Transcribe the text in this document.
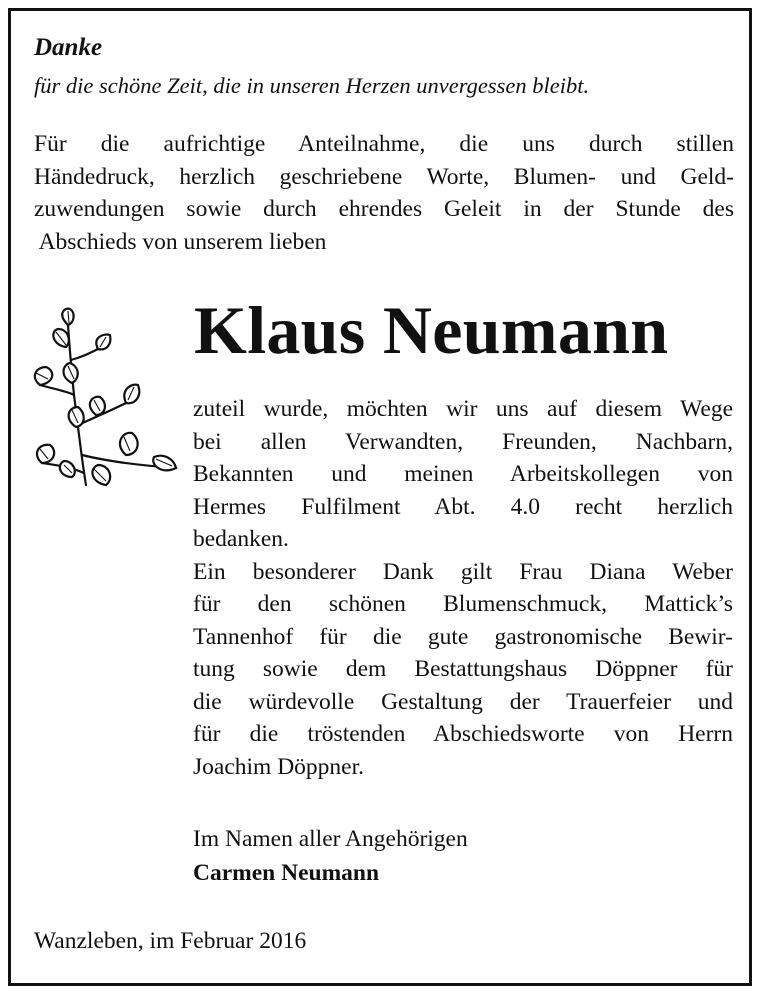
Danke

für die schöne Zeit, die in unseren Herzen unvergessen bleibt.

Für die aufrichtige Anteilnahme, die uns durch stillen
Händedruck, herzlich geschriebene Worte, Blumen- und Geld-
zuwendungen sowie durch ehrendes Geleit in der Stunde des
Abschieds von unserem lieben

Klaus Neumann

zuteil wurde, möchten wir uns auf diesem Wege
bei allen Verwandten, Freunden, Nachbarn,
Bekannten und meinen Arbeitskollegen von
Hermes Fulfilment Abt. 4.0 recht herzlich
bedanken.
Ein besonderer Dank gilt Frau Diana Weber
für den schönen Blumenschmuck, Mattick’s
Tannenhof für die gute gastronomische Bewir-
tung sowie dem Bestattungshaus Döppner für
die würdevolle Gestaltung der Trauerfeier und
für die tröstenden Abschiedsworte von Herrn
Joachim Döppner.

Im Namen aller Angehörigen

Carmen Neumann

Wanzleben, im Februar 2016
